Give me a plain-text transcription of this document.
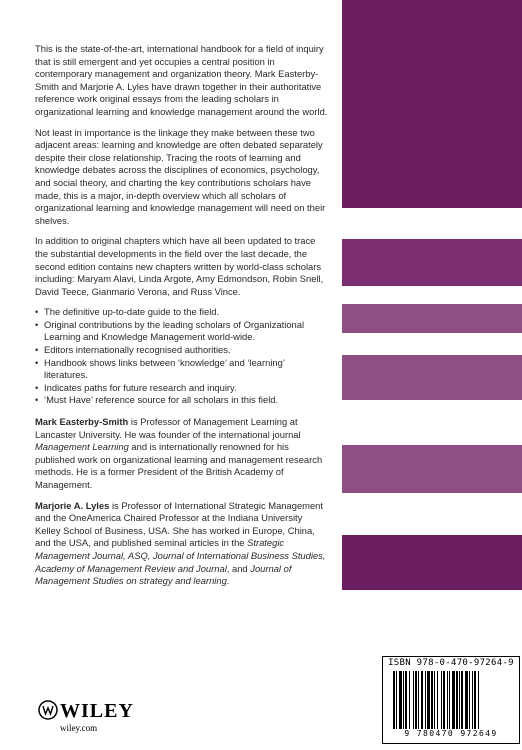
This is the state-of-the-art, international handbook for a field of inquiry that is still emergent and yet occupies a central position in contemporary management and organization theory. Mark Easterby-Smith and Marjorie A. Lyles have drawn together in their authoritative reference work original essays from the leading scholars in organizational learning and knowledge management around the world.

Not least in importance is the linkage they make between these two adjacent areas: learning and knowledge are often debated separately despite their close relationship. Tracing the roots of learning and knowledge debates across the disciplines of economics, psychology, and social theory, and charting the key contributions scholars have made, this is a major, in-depth overview which all scholars of organizational learning and knowledge management will need on their shelves.

In addition to original chapters which have all been updated to trace the substantial developments in the field over the last decade, the second edition contains new chapters written by world-class scholars including: Maryam Alavi, Linda Argote, Amy Edmondson, Robin Snell, David Teece, Gianmario Verona, and Russ Vince.

• The definitive up-to-date guide to the field.
• Original contributions by the leading scholars of Organizational Learning and Knowledge Management world-wide.
• Editors internationally recognised authorities.
• Handbook shows links between ‘knowledge’ and ‘learning’ literatures.
• Indicates paths for future research and inquiry.
• ‘Must Have’ reference source for all scholars in this field.

Mark Easterby-Smith is Professor of Management Learning at Lancaster University. He was founder of the international journal Management Learning and is internationally renowned for his published work on organizational learning and management research methods. He is a former President of the British Academy of Management.

Marjorie A. Lyles is Professor of International Strategic Management and the OneAmerica Chaired Professor at the Indiana University Kelley School of Business, USA. She has worked in Europe, China, and the USA, and published seminal articles in the Strategic Management Journal, ASQ, Journal of International Business Studies, Academy of Management Review and Journal, and Journal of Management Studies on strategy and learning.

WILEY
wiley.com
ISBN 978-0-470-97264-9
9 780470 972649
